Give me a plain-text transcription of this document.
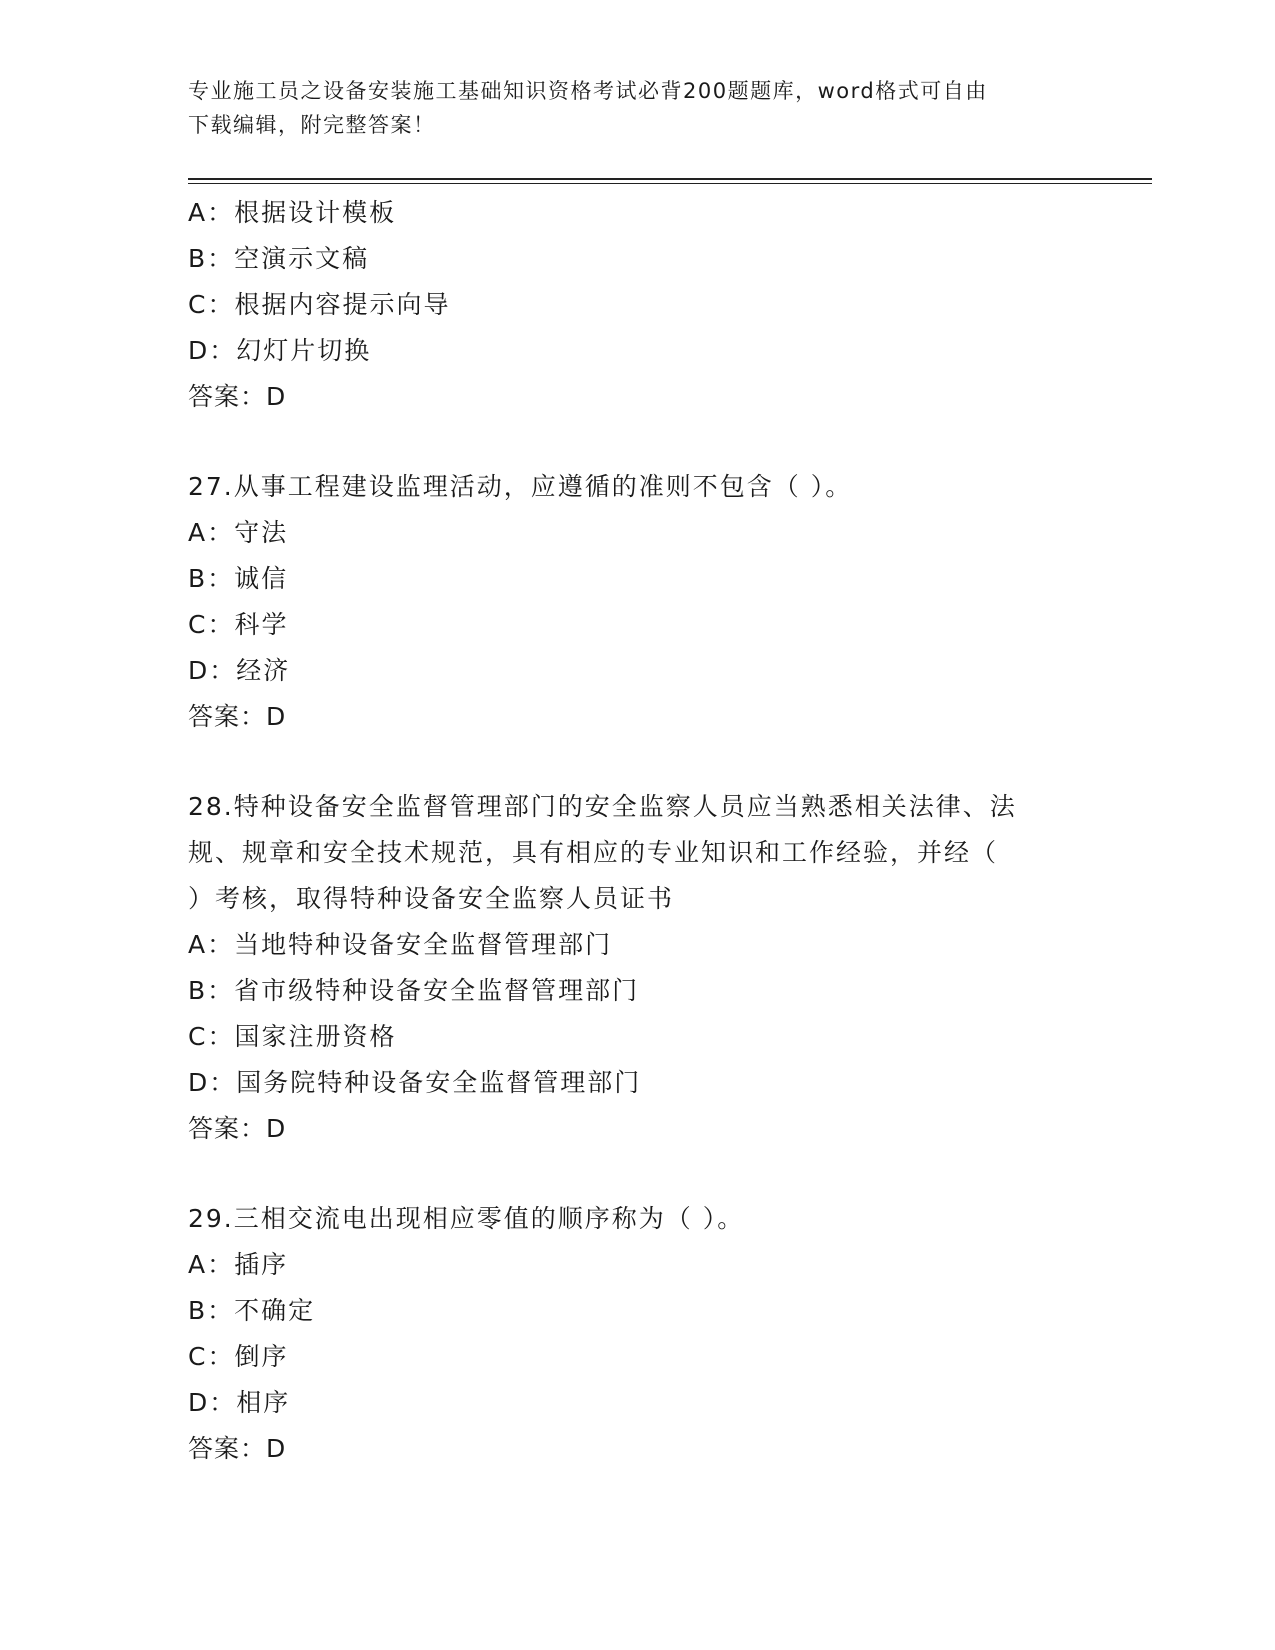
专业施工员之设备安装施工基础知识资格考试必背200题题库，word格式可自由
下载编辑，附完整答案！
A：根据设计模板
B：空演示文稿
C：根据内容提示向导
D：幻灯片切换
答案：D
27.从事工程建设监理活动，应遵循的准则不包含（ ）。
A：守法
B：诚信
C：科学
D：经济
答案：D
28.特种设备安全监督管理部门的安全监察人员应当熟悉相关法律、法
规、规章和安全技术规范，具有相应的专业知识和工作经验，并经（
）考核，取得特种设备安全监察人员证书
A：当地特种设备安全监督管理部门
B：省市级特种设备安全监督管理部门
C：国家注册资格
D：国务院特种设备安全监督管理部门
答案：D
29.三相交流电出现相应零值的顺序称为（ ）。
A：插序
B：不确定
C：倒序
D：相序
答案：D
